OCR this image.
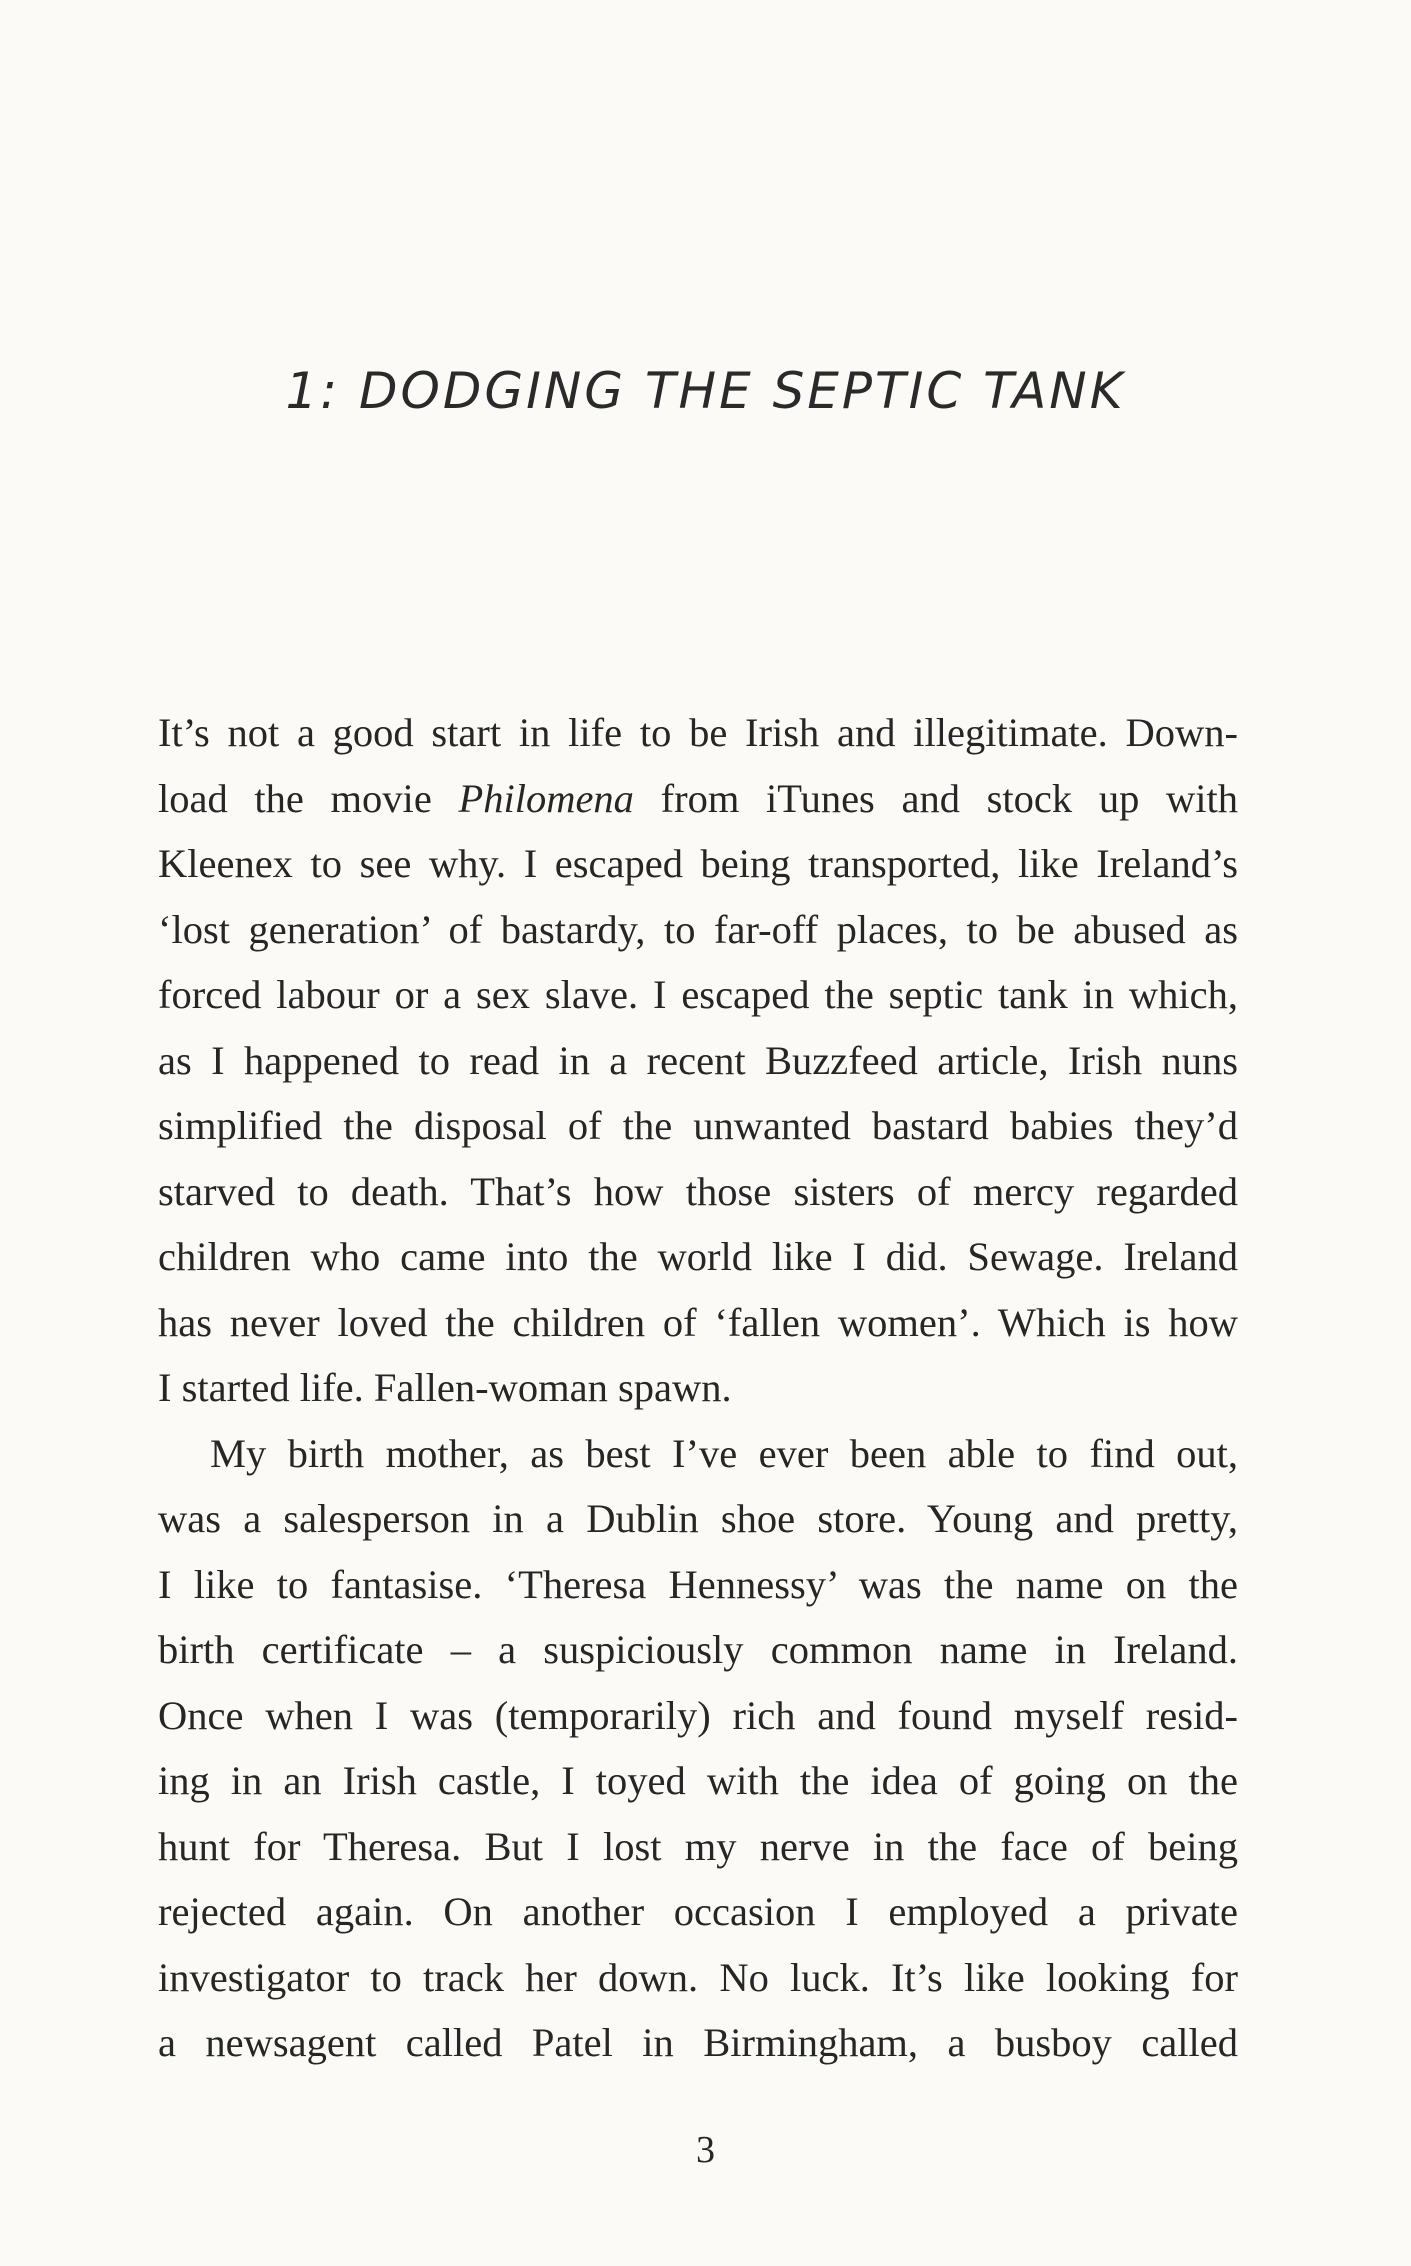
1: DODGING THE SEPTIC TANK
It’s not a good start in life to be Irish and illegitimate. Down-
load the movie Philomena from iTunes and stock up with
Kleenex to see why. I escaped being transported, like Ireland’s
‘lost generation’ of bastardy, to far-off places, to be abused as
forced labour or a sex slave. I escaped the septic tank in which,
as I happened to read in a recent Buzzfeed article, Irish nuns
simplified the disposal of the unwanted bastard babies they’d
starved to death. That’s how those sisters of mercy regarded
children who came into the world like I did. Sewage. Ireland
has never loved the children of ‘fallen women’. Which is how
I started life. Fallen-woman spawn.
My birth mother, as best I’ve ever been able to find out,
was a salesperson in a Dublin shoe store. Young and pretty,
I like to fantasise. ‘Theresa Hennessy’ was the name on the
birth certificate – a suspiciously common name in Ireland.
Once when I was (temporarily) rich and found myself resid-
ing in an Irish castle, I toyed with the idea of going on the
hunt for Theresa. But I lost my nerve in the face of being
rejected again. On another occasion I employed a private
investigator to track her down. No luck. It’s like looking for
a newsagent called Patel in Birmingham, a busboy called
3
